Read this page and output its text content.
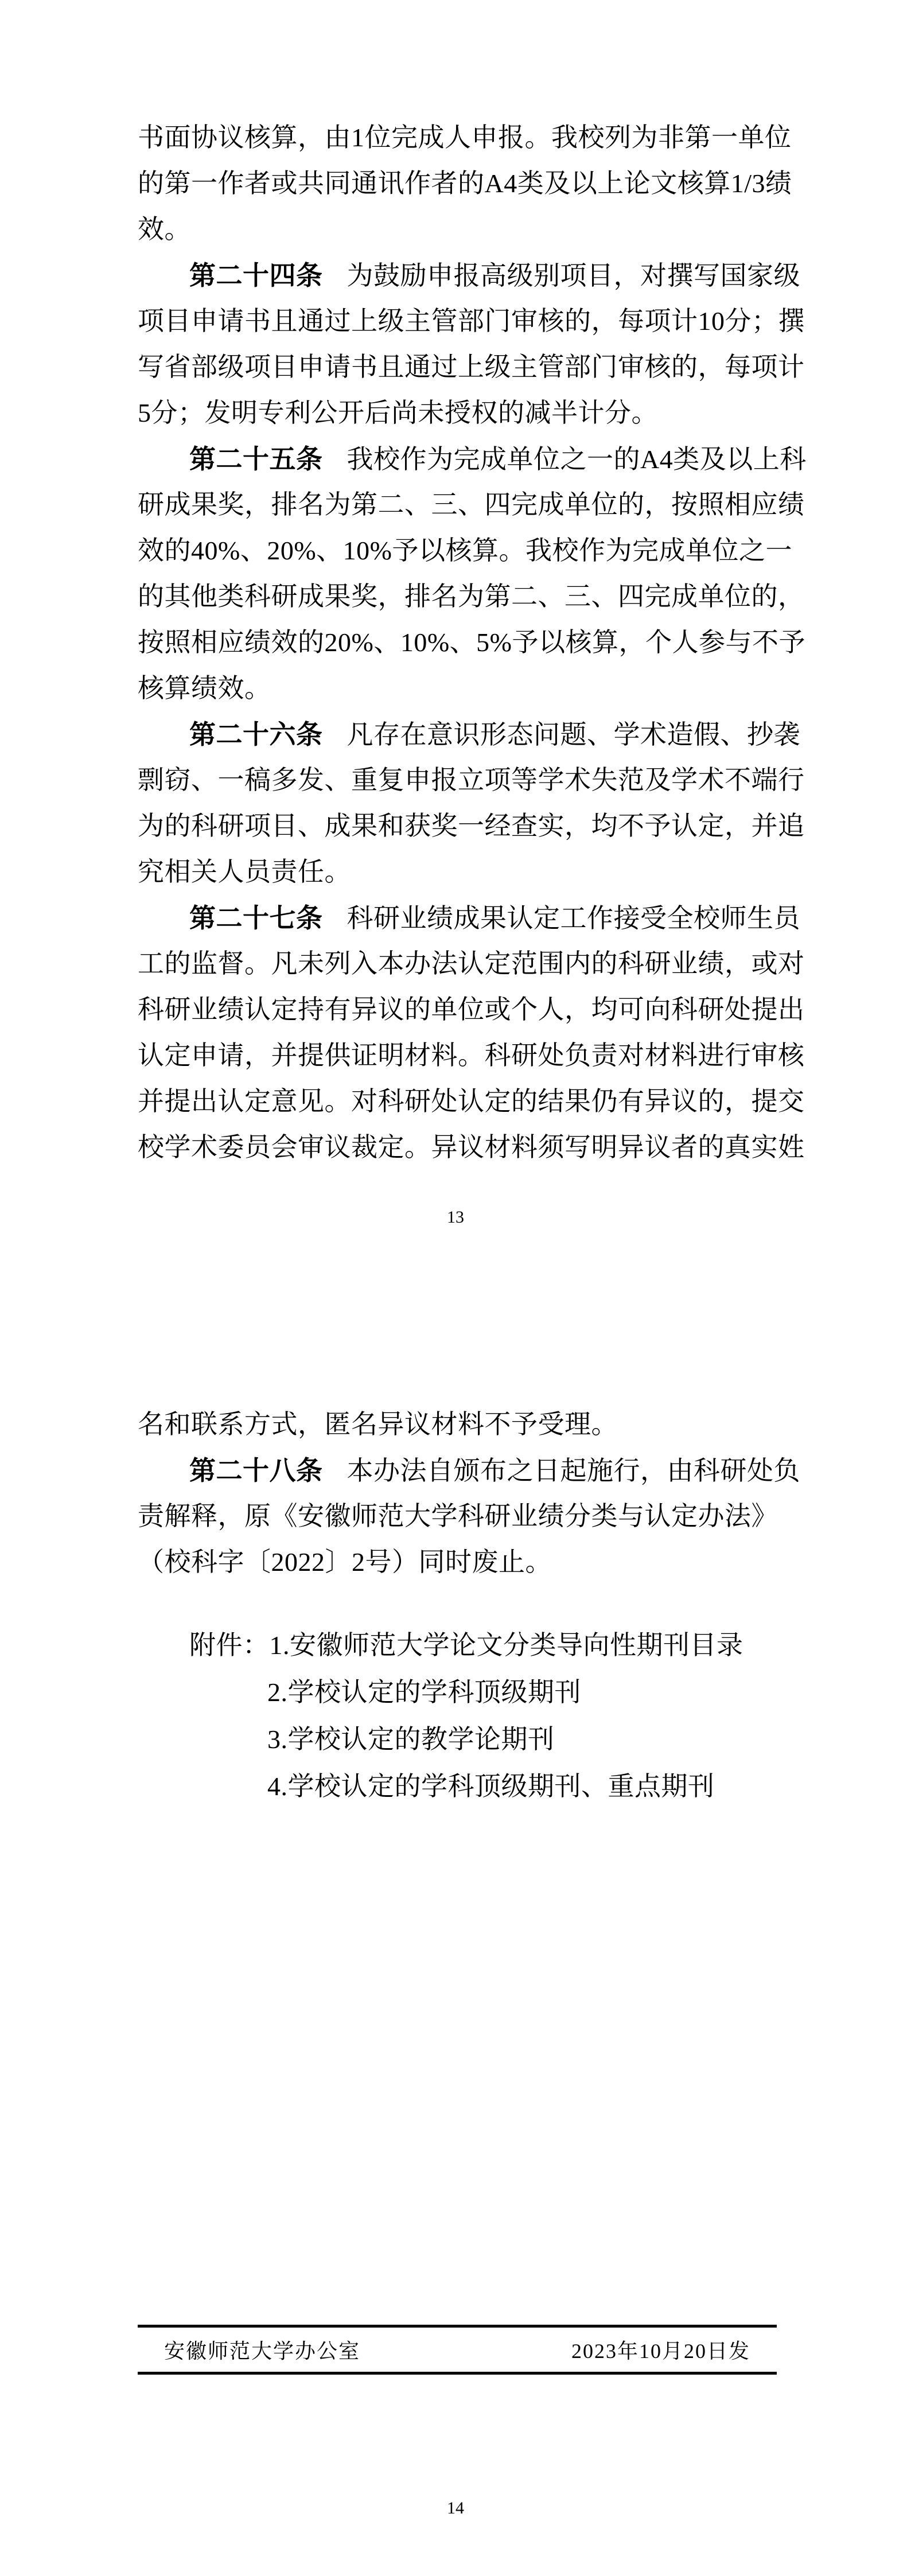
书面协议核算，由1位完成人申报。我校列为非第一单位
的第一作者或共同通讯作者的A4类及以上论文核算1/3绩
效。
第二十四条 为鼓励申报高级别项目，对撰写国家级
项目申请书且通过上级主管部门审核的，每项计10分；撰
写省部级项目申请书且通过上级主管部门审核的，每项计
5分；发明专利公开后尚未授权的减半计分。
第二十五条 我校作为完成单位之一的A4类及以上科
研成果奖，排名为第二、三、四完成单位的，按照相应绩
效的40%、20%、10%予以核算。我校作为完成单位之一
的其他类科研成果奖，排名为第二、三、四完成单位的，
按照相应绩效的20%、10%、5%予以核算，个人参与不予
核算绩效。
第二十六条 凡存在意识形态问题、学术造假、抄袭
剽窃、一稿多发、重复申报立项等学术失范及学术不端行
为的科研项目、成果和获奖一经查实，均不予认定，并追
究相关人员责任。
第二十七条 科研业绩成果认定工作接受全校师生员
工的监督。凡未列入本办法认定范围内的科研业绩，或对
科研业绩认定持有异议的单位或个人，均可向科研处提出
认定申请，并提供证明材料。科研处负责对材料进行审核
并提出认定意见。对科研处认定的结果仍有异议的，提交
校学术委员会审议裁定。异议材料须写明异议者的真实姓
13
名和联系方式，匿名异议材料不予受理。
第二十八条 本办法自颁布之日起施行，由科研处负
责解释，原《安徽师范大学科研业绩分类与认定办法》
（校科字〔2022〕2号）同时废止。
附件：1.安徽师范大学论文分类导向性期刊目录
2.学校认定的学科顶级期刊
3.学校认定的教学论期刊
4.学校认定的学科顶级期刊、重点期刊
安徽师范大学办公室	2023年10月20日发
14
